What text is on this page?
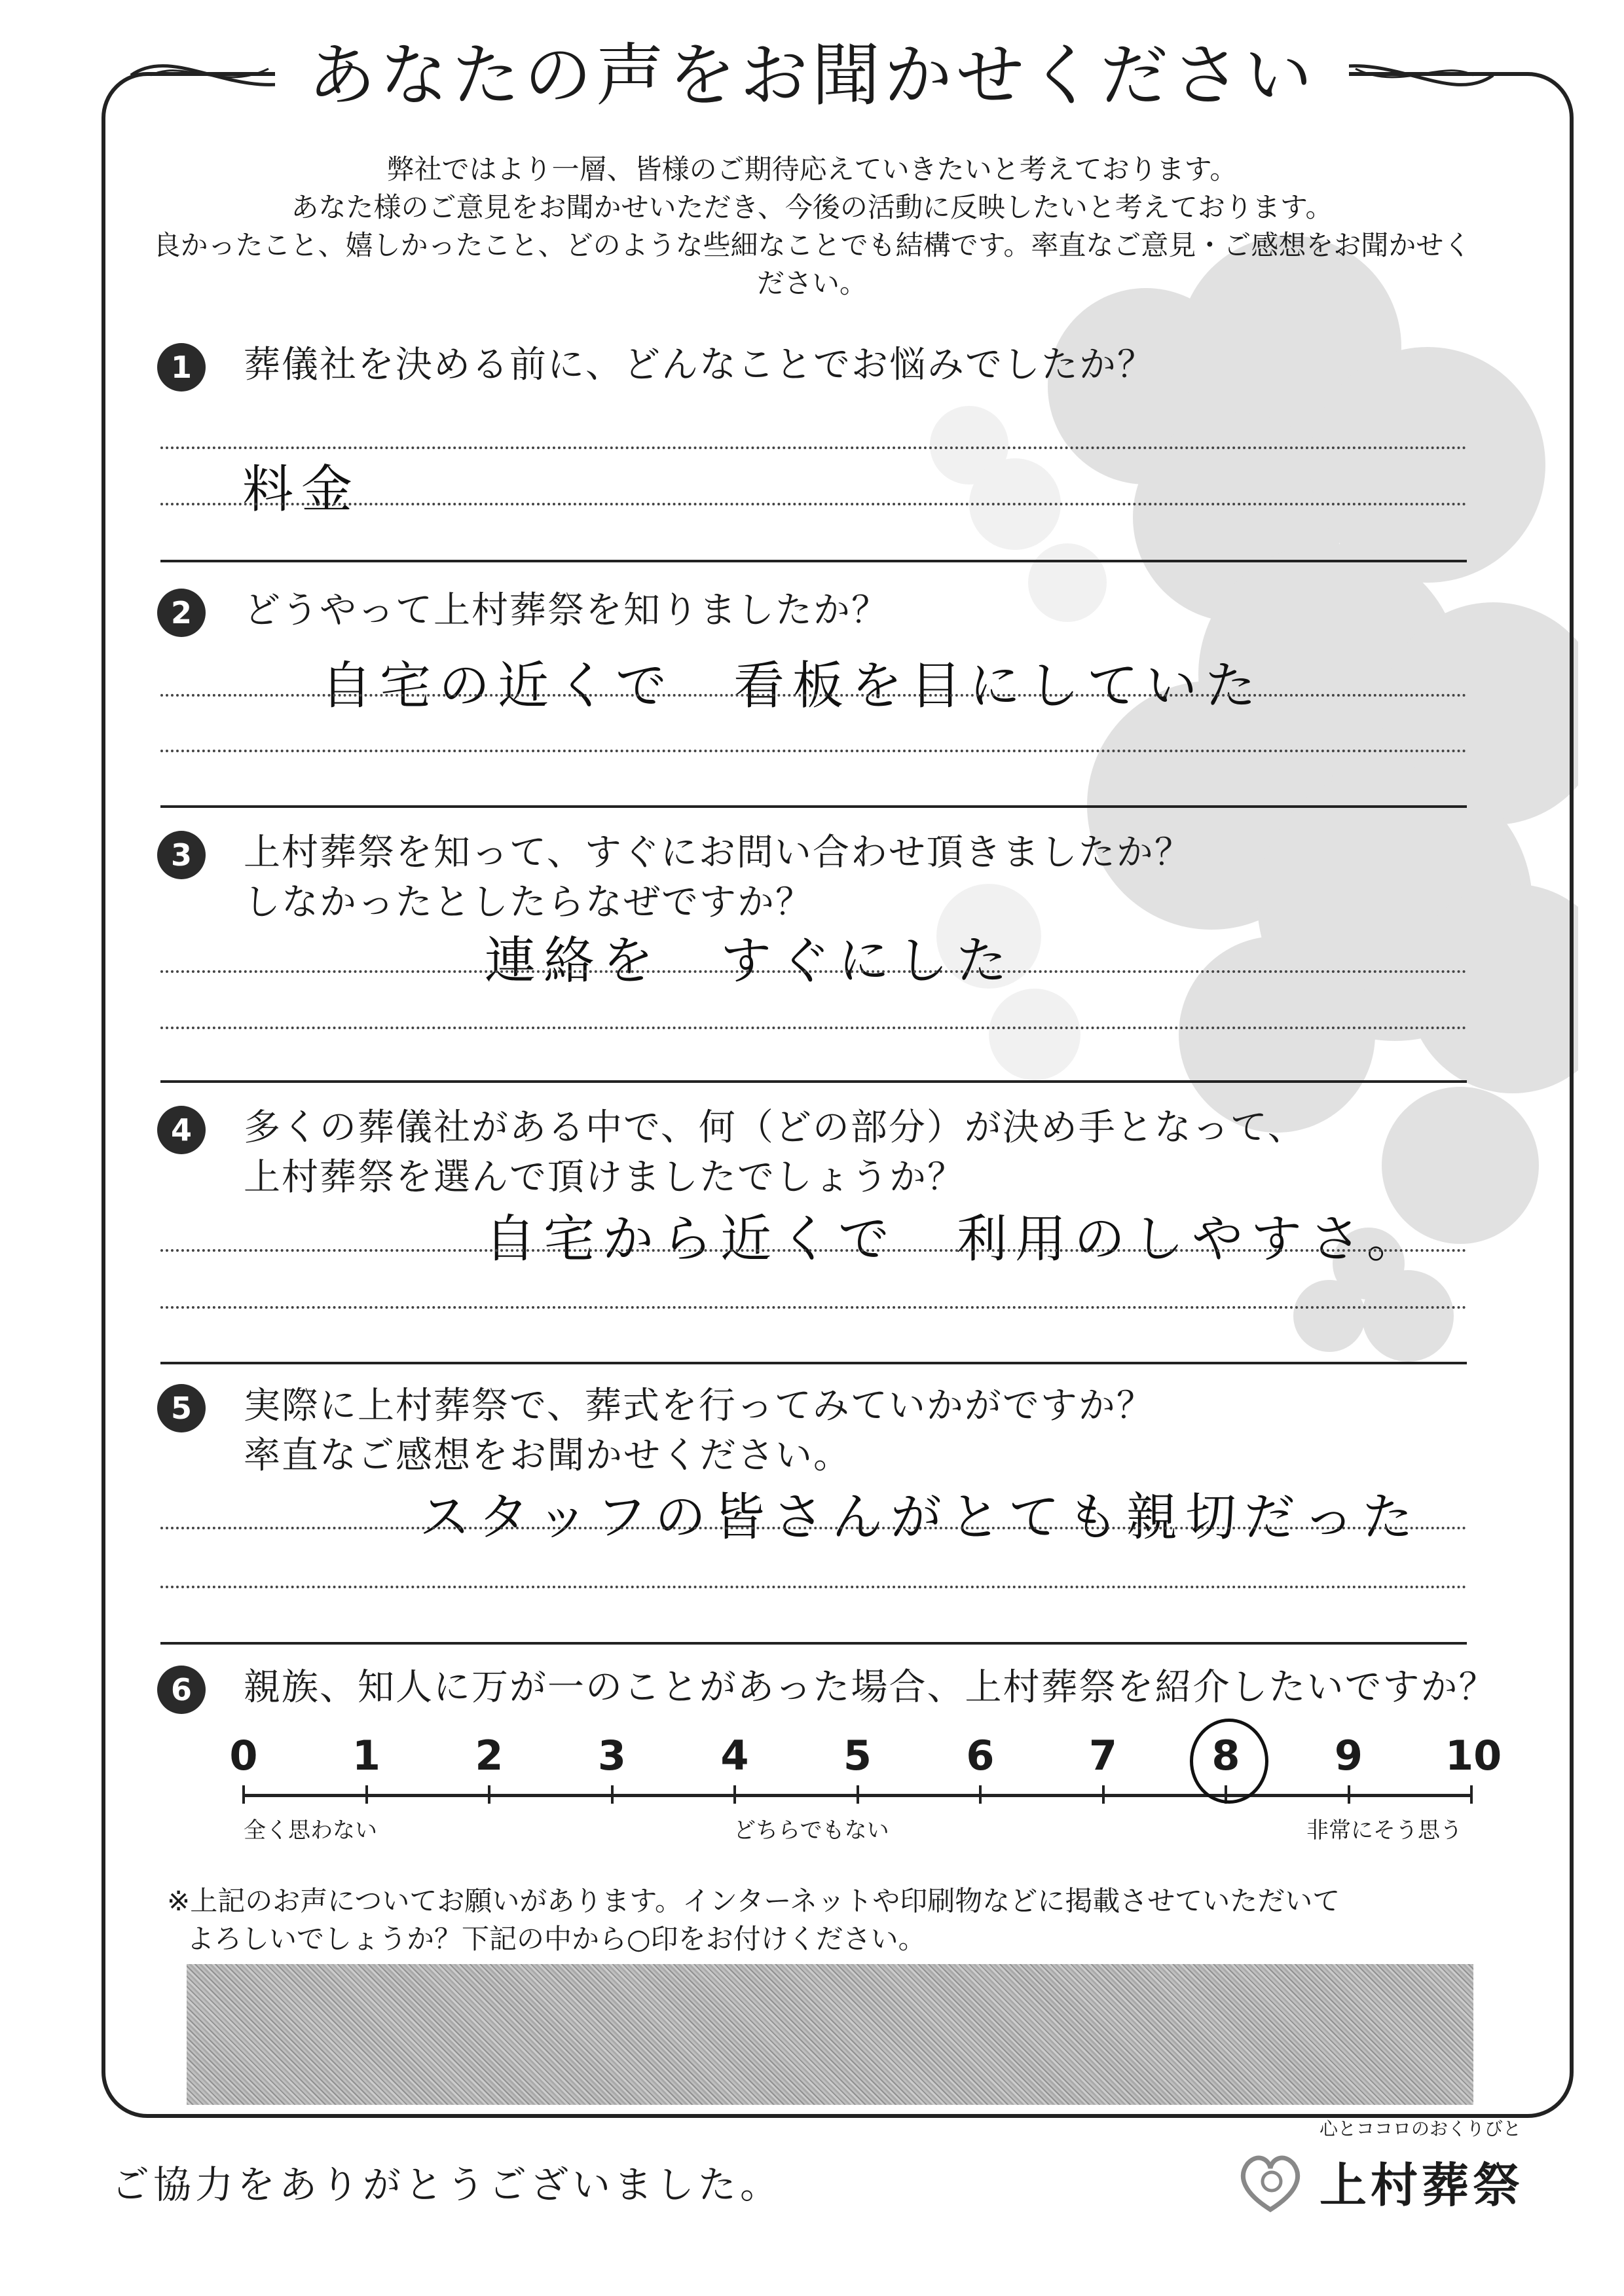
あなたの声をお聞かせください
弊社ではより一層、皆様のご期待応えていきたいと考えております。
あなた様のご意見をお聞かせいただき、今後の活動に反映したいと考えております。
良かったこと、嬉しかったこと、どのような些細なことでも結構です。率直なご意見・ご感想をお聞かせください。
1	葬儀社を決める前に、どんなことでお悩みでしたか？
料金
2	どうやって上村葬祭を知りましたか？
自宅の近くで　看板を目にしていた
3	上村葬祭を知って、すぐにお問い合わせ頂きましたか？
しなかったとしたらなぜですか？
連絡を　すぐにした
4	多くの葬儀社がある中で、何（どの部分）が決め手となって、
上村葬祭を選んで頂けましたでしょうか？
自宅から近くで　利用のしやすさ。
5	実際に上村葬祭で、葬式を行ってみていかがですか？
率直なご感想をお聞かせください。
スタッフの皆さんがとても親切だった
6	親族、知人に万が一のことがあった場合、上村葬祭を紹介したいですか？
0 1 2 3 4 5 6 7 8 9 10
全く思わない	どちらでもない	非常にそう思う
※上記のお声についてお願いがあります。インターネットや印刷物などに掲載させていただいて
よろしいでしょうか？下記の中から○印をお付けください。
ご協力をありがとうございました。
心とココロのおくりびと
上村葬祭
